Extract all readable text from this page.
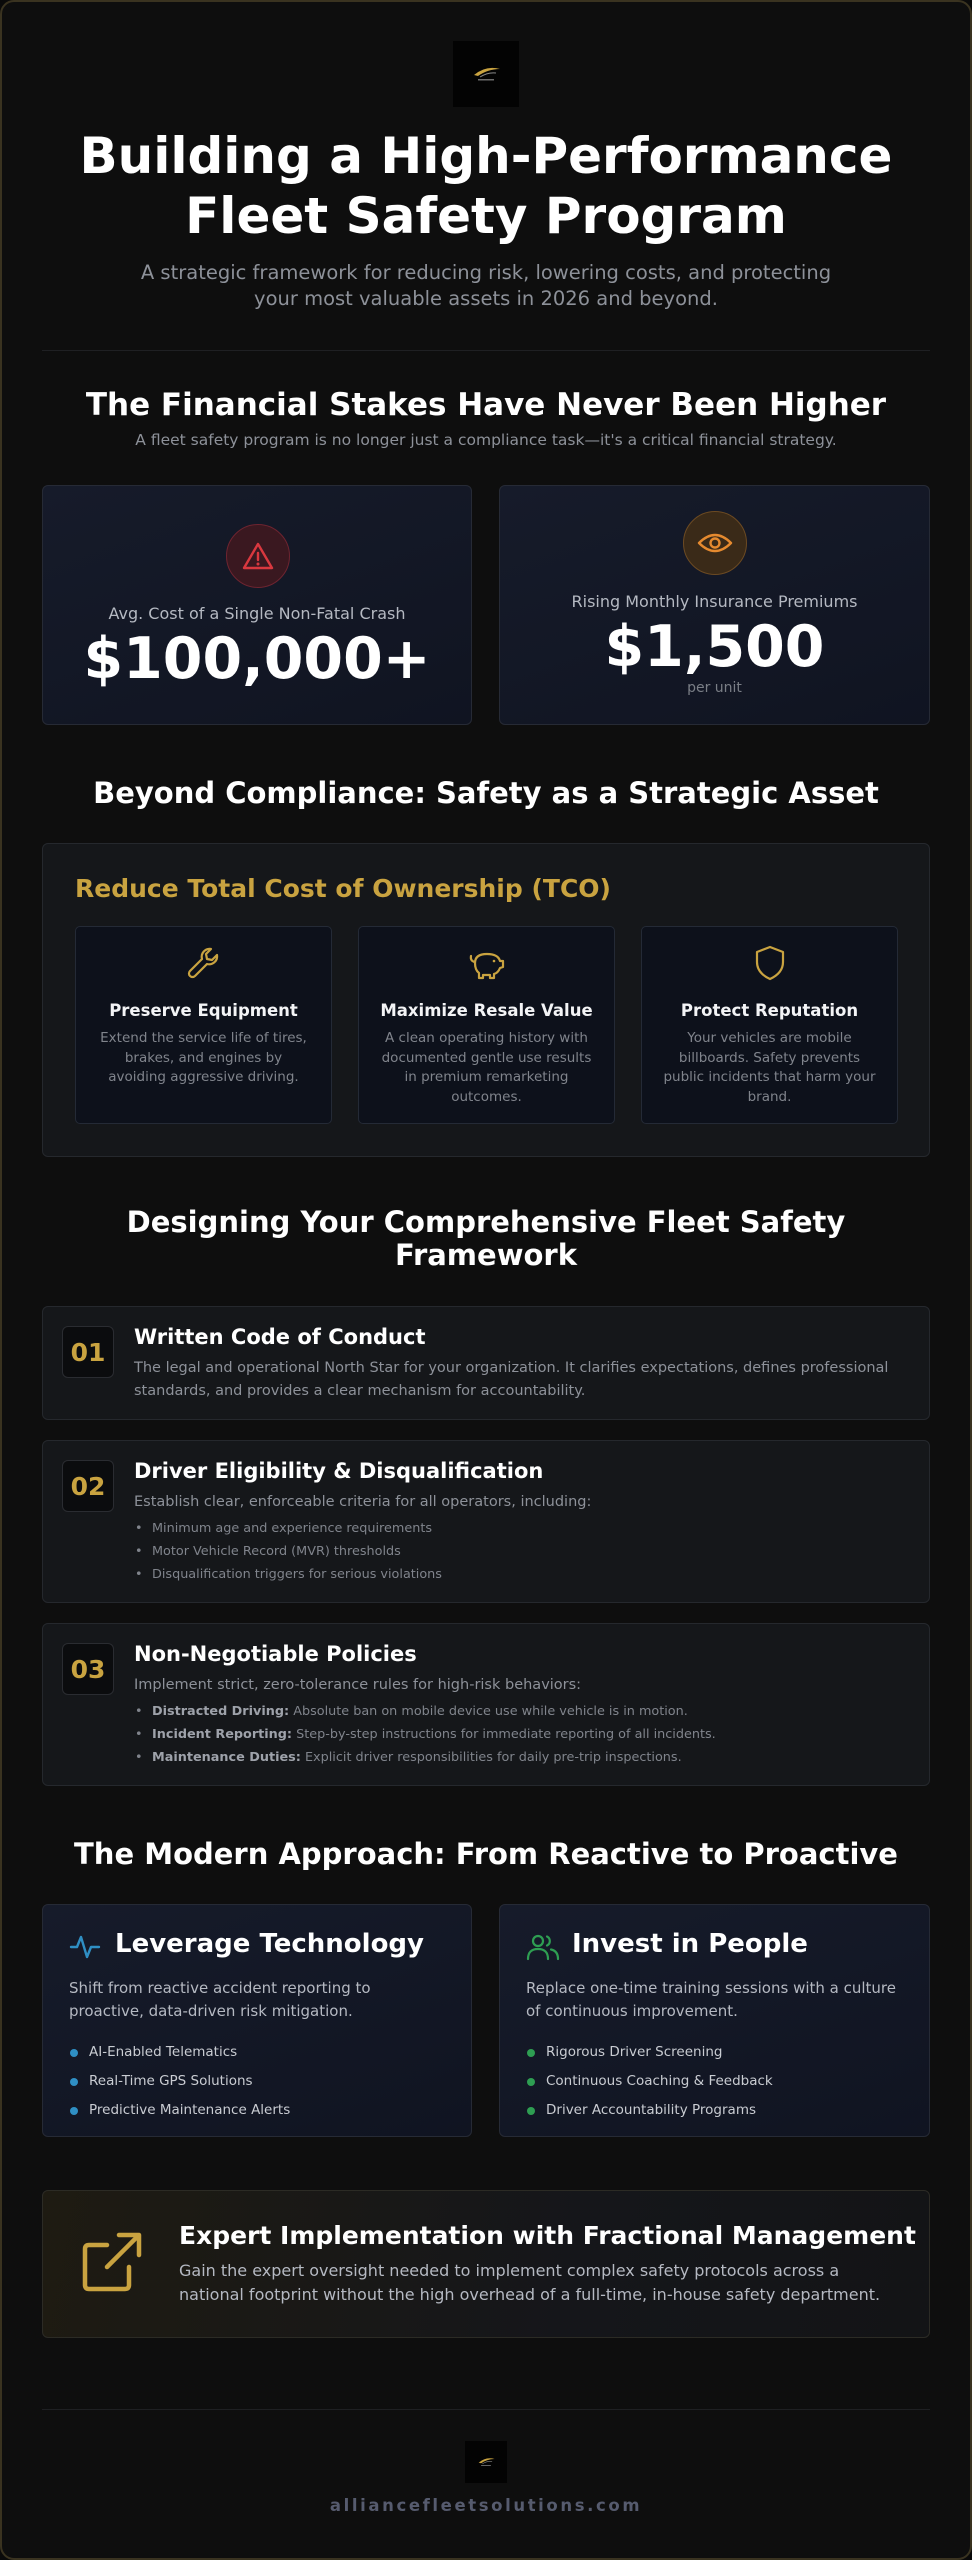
Building a High-Performance
Fleet Safety Program
A strategic framework for reducing risk, lowering costs, and protecting your most valuable assets in 2026 and beyond.
The Financial Stakes Have Never Been Higher
A fleet safety program is no longer just a compliance task—it's a critical financial strategy.
Avg. Cost of a Single Non-Fatal Crash
$100,000+
Rising Monthly Insurance Premiums
$1,500
per unit
Beyond Compliance: Safety as a Strategic Asset
Reduce Total Cost of Ownership (TCO)
Preserve Equipment
Extend the service life of tires, brakes, and engines by avoiding aggressive driving.
Maximize Resale Value
A clean operating history with documented gentle use results in premium remarketing outcomes.
Protect Reputation
Your vehicles are mobile billboards. Safety prevents public incidents that harm your brand.
Designing Your Comprehensive Fleet Safety
Framework
01
Written Code of Conduct
The legal and operational North Star for your organization. It clarifies expectations, defines professional standards, and provides a clear mechanism for accountability.
02
Driver Eligibility & Disqualification
Establish clear, enforceable criteria for all operators, including:
• Minimum age and experience requirements
• Motor Vehicle Record (MVR) thresholds
• Disqualification triggers for serious violations
03
Non-Negotiable Policies
Implement strict, zero-tolerance rules for high-risk behaviors:
• Distracted Driving: Absolute ban on mobile device use while vehicle is in motion.
• Incident Reporting: Step-by-step instructions for immediate reporting of all incidents.
• Maintenance Duties: Explicit driver responsibilities for daily pre-trip inspections.
The Modern Approach: From Reactive to Proactive
Leverage Technology
Shift from reactive accident reporting to proactive, data-driven risk mitigation.
AI-Enabled Telematics
Real-Time GPS Solutions
Predictive Maintenance Alerts
Invest in People
Replace one-time training sessions with a culture of continuous improvement.
Rigorous Driver Screening
Continuous Coaching & Feedback
Driver Accountability Programs
Expert Implementation with Fractional Management
Gain the expert oversight needed to implement complex safety protocols across a national footprint without the high overhead of a full-time, in-house safety department.
alliancefleetsolutions.com
